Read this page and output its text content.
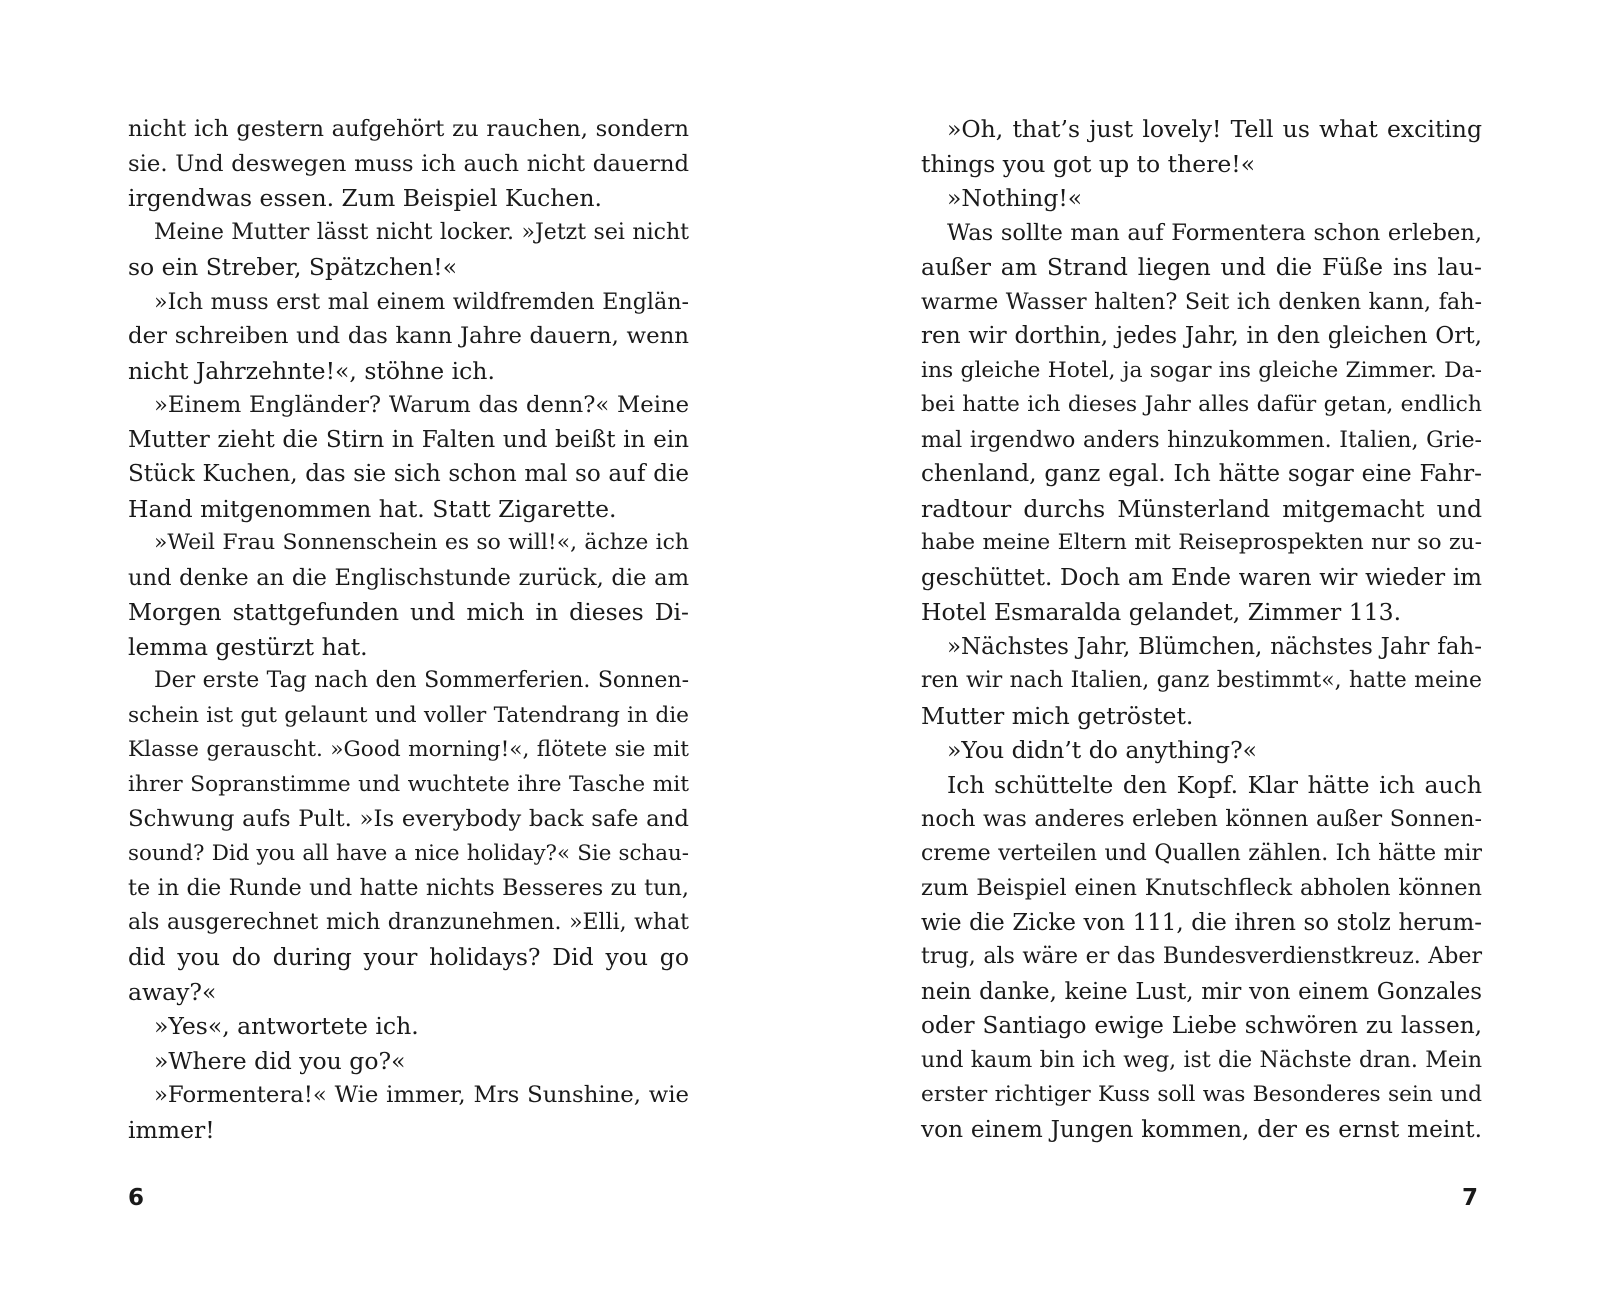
nicht ich gestern aufgehört zu rauchen, sondern
sie. Und deswegen muss ich auch nicht dauernd
irgendwas essen. Zum Beispiel Kuchen.
Meine Mutter lässt nicht locker. »Jetzt sei nicht
so ein Streber, Spätzchen!«
»Ich muss erst mal einem wildfremden Englän-
der schreiben und das kann Jahre dauern, wenn
nicht Jahrzehnte!«, stöhne ich.
»Einem Engländer? Warum das denn?« Meine
Mutter zieht die Stirn in Falten und beißt in ein
Stück Kuchen, das sie sich schon mal so auf die
Hand mitgenommen hat. Statt Zigarette.
»Weil Frau Sonnenschein es so will!«, ächze ich
und denke an die Englischstunde zurück, die am
Morgen stattgefunden und mich in dieses Di-
lemma gestürzt hat.
Der erste Tag nach den Sommerferien. Sonnen-
schein ist gut gelaunt und voller Tatendrang in die
Klasse gerauscht. »Good morning!«, flötete sie mit
ihrer Sopranstimme und wuchtete ihre Tasche mit
Schwung aufs Pult. »Is everybody back safe and
sound? Did you all have a nice holiday?« Sie schau-
te in die Runde und hatte nichts Besseres zu tun,
als ausgerechnet mich dranzunehmen. »Elli, what
did you do during your holidays? Did you go
away?«
»Yes«, antwortete ich.
»Where did you go?«
»Formentera!« Wie immer, Mrs Sunshine, wie
immer!
»Oh, that’s just lovely! Tell us what exciting
things you got up to there!«
»Nothing!«
Was sollte man auf Formentera schon erleben,
außer am Strand liegen und die Füße ins lau-
warme Wasser halten? Seit ich denken kann, fah-
ren wir dorthin, jedes Jahr, in den gleichen Ort,
ins gleiche Hotel, ja sogar ins gleiche Zimmer. Da-
bei hatte ich dieses Jahr alles dafür getan, endlich
mal irgendwo anders hinzukommen. Italien, Grie-
chenland, ganz egal. Ich hätte sogar eine Fahr-
radtour durchs Münsterland mitgemacht und
habe meine Eltern mit Reiseprospekten nur so zu-
geschüttet. Doch am Ende waren wir wieder im
Hotel Esmaralda gelandet, Zimmer 113.
»Nächstes Jahr, Blümchen, nächstes Jahr fah-
ren wir nach Italien, ganz bestimmt«, hatte meine
Mutter mich getröstet.
»You didn’t do anything?«
Ich schüttelte den Kopf. Klar hätte ich auch
noch was anderes erleben können außer Sonnen-
creme verteilen und Quallen zählen. Ich hätte mir
zum Beispiel einen Knutschfleck abholen können
wie die Zicke von 111, die ihren so stolz herum-
trug, als wäre er das Bundesverdienstkreuz. Aber
nein danke, keine Lust, mir von einem Gonzales
oder Santiago ewige Liebe schwören zu lassen,
und kaum bin ich weg, ist die Nächste dran. Mein
erster richtiger Kuss soll was Besonderes sein und
von einem Jungen kommen, der es ernst meint.
6	7
